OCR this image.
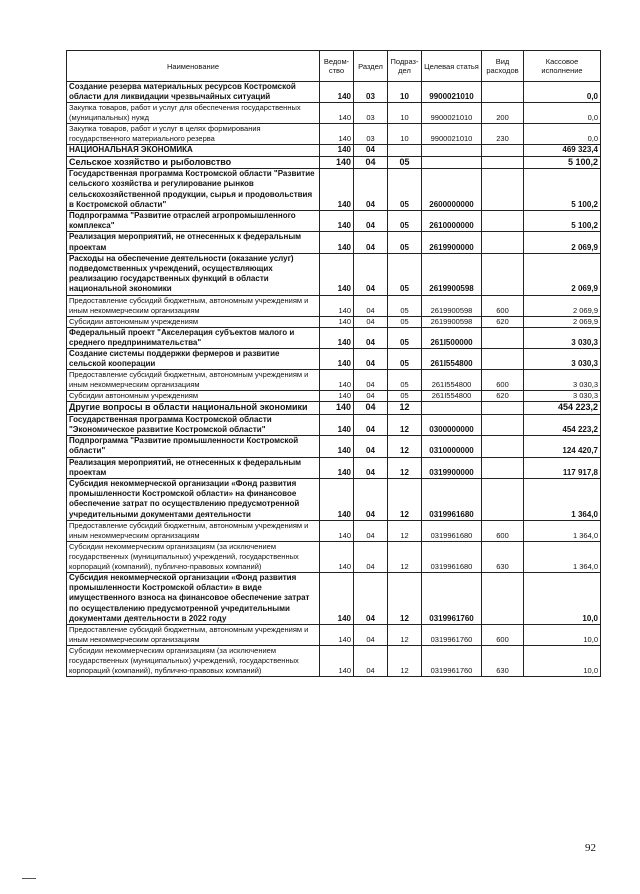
Наименование	Ведом-ство	Раздел	Подраз-дел	Целевая статья	Вид расходов	Кассовое исполнение
Создание резерва материальных ресурсов Костромской области для ликвидации чрезвычайных ситуаций	140	03	10	9900021010		0,0
Закупка товаров, работ и услуг для обеспечения государственных (муниципальных) нужд	140	03	10	9900021010	200	0,0
Закупка товаров, работ и услуг в целях формирования государственного материального резерва	140	03	10	9900021010	230	0,0
НАЦИОНАЛЬНАЯ ЭКОНОМИКА	140	04				469 323,4
Сельское хозяйство и рыболовство	140	04	05			5 100,2
Государственная программа Костромской области "Развитие сельского хозяйства и регулирование рынков сельскохозяйственной продукции, сырья и продовольствия в Костромской области"	140	04	05	2600000000		5 100,2
Подпрограмма "Развитие отраслей агропромышленного комплекса"	140	04	05	2610000000		5 100,2
Реализация мероприятий, не отнесенных к федеральным проектам	140	04	05	2619900000		2 069,9
Расходы на обеспечение деятельности (оказание услуг) подведомственных учреждений, осуществляющих реализацию государственных функций в области национальной экономики	140	04	05	2619900598		2 069,9
Предоставление субсидий бюджетным, автономным учреждениям и иным некоммерческим организациям	140	04	05	2619900598	600	2 069,9
Субсидии автономным учреждениям	140	04	05	2619900598	620	2 069,9
Федеральный проект "Акселерация субъектов малого и среднего предпринимательства"	140	04	05	261I500000		3 030,3
Создание системы поддержки фермеров и развитие сельской кооперации	140	04	05	261I554800		3 030,3
Предоставление субсидий бюджетным, автономным учреждениям и иным некоммерческим организациям	140	04	05	261I554800	600	3 030,3
Субсидии автономным учреждениям	140	04	05	261I554800	620	3 030,3
Другие вопросы в области национальной экономики	140	04	12			454 223,2
Государственная программа Костромской области "Экономическое развитие Костромской области"	140	04	12	0300000000		454 223,2
Подпрограмма "Развитие промышленности Костромской области"	140	04	12	0310000000		124 420,7
Реализация мероприятий, не отнесенных к федеральным проектам	140	04	12	0319900000		117 917,8
Субсидия некоммерческой организации «Фонд развития промышленности Костромской области» на финансовое обеспечение затрат по осуществлению предусмотренной учредительными документами деятельности	140	04	12	0319961680		1 364,0
Предоставление субсидий бюджетным, автономным учреждениям и иным некоммерческим организациям	140	04	12	0319961680	600	1 364,0
Субсидии некоммерческим организациям (за исключением государственных (муниципальных) учреждений, государственных корпораций (компаний), публично-правовых компаний)	140	04	12	0319961680	630	1 364,0
Субсидия некоммерческой организации «Фонд развития промышленности Костромской области» в виде имущественного взноса на финансовое обеспечение затрат по осуществлению предусмотренной учредительными документами деятельности в 2022 году	140	04	12	0319961760		10,0
Предоставление субсидий бюджетным, автономным учреждениям и иным некоммерческим организациям	140	04	12	0319961760	600	10,0
Субсидии некоммерческим организациям (за исключением государственных (муниципальных) учреждений, государственных корпораций (компаний), публично-правовых компаний)	140	04	12	0319961760	630	10,0
92
